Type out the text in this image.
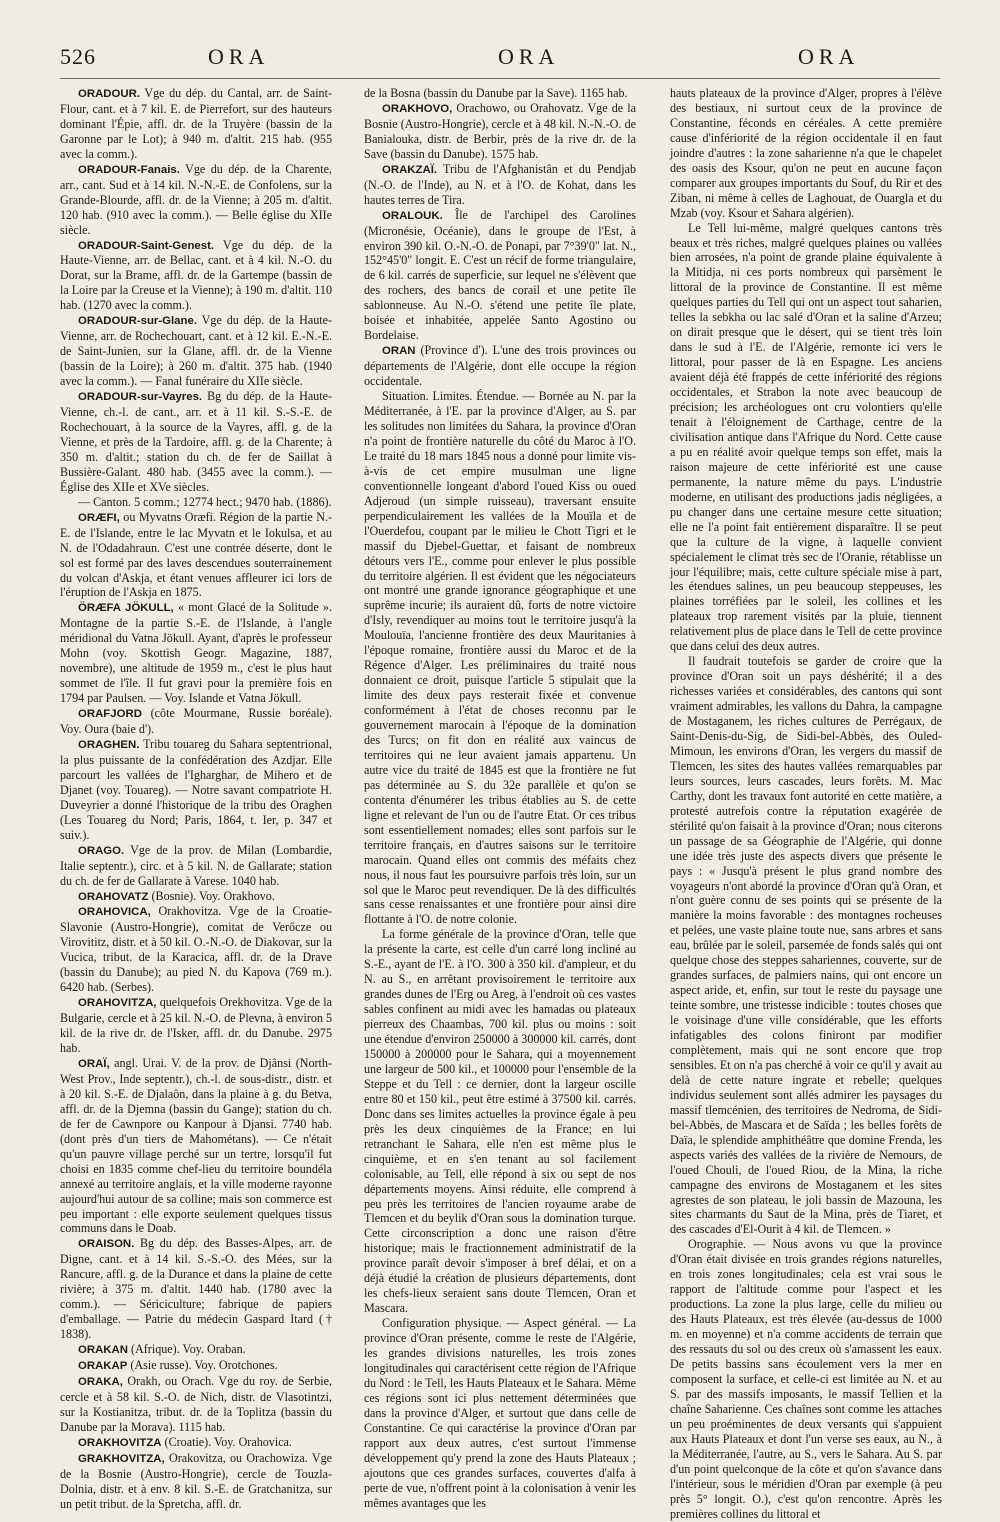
526	ORA	ORA	ORA

ORADOUR. Vge du dép. du Cantal, arr. de Saint-Flour, cant. et à 7 kil. E. de Pierrefort, sur des hauteurs dominant l'Épie, affl. dr. de la Truyère (bassin de la Garonne par le Lot); à 940 m. d'altit. 215 hab. (955 avec la comm.).

ORADOUR-Fanais. Vge du dép. de la Charente, arr., cant. Sud et à 14 kil. N.-N.-E. de Confolens, sur la Grande-Blourde, affl. dr. de la Vienne; à 205 m. d'altit. 120 hab. (910 avec la comm.). — Belle église du XIIe siècle.

ORADOUR-Saint-Genest. Vge du dép. de la Haute-Vienne, arr. de Bellac, cant. et à 4 kil. N.-O. du Dorat, sur la Brame, affl. dr. de la Gartempe (bassin de la Loire par la Creuse et la Vienne); à 190 m. d'altit. 110 hab. (1270 avec la comm.).

ORADOUR-sur-Glane. Vge du dép. de la Haute-Vienne, arr. de Rochechouart, cant. et à 12 kil. E.-N.-E. de Saint-Junien, sur la Glane, affl. dr. de la Vienne (bassin de la Loire); à 260 m. d'altit. 375 hab. (1940 avec la comm.). — Fanal funéraire du XIIe siècle.

ORADOUR-sur-Vayres. Bg du dép. de la Haute-Vienne, ch.-l. de cant., arr. et à 11 kil. S.-S.-E. de Rochechouart, à la source de la Vayres, affl. g. de la Vienne, et près de la Tardoire, affl. g. de la Charente; à 350 m. d'altit.; station du ch. de fer de Saillat à Bussière-Galant. 480 hab. (3455 avec la comm.). — Église des XIIe et XVe siècles.

— Canton. 5 comm.; 12774 hect.; 9470 hab. (1886).

ORÆFI, ou Myvatns Oræfi. Région de la partie N.-E. de l'Islande, entre le lac Myvatn et le Iokulsa, et au N. de l'Odadahraun. C'est une contrée déserte, dont le sol est formé par des laves descendues souterrainement du volcan d'Askja, et étant venues affleurer ici lors de l'éruption de l'Askja en 1875.

ÖRÆFA JÖKULL, « mont Glacé de la Solitude ». Montagne de la partie S.-E. de l'Islande, à l'angle méridional du Vatna Jökull. Ayant, d'après le professeur Mohn (voy. Skottish Geogr. Magazine, 1887, novembre), une altitude de 1959 m., c'est le plus haut sommet de l'île. Il fut gravi pour la première fois en 1794 par Paulsen. — Voy. Islande et Vatna Jökull.

ORAFJORD (côte Mourmane, Russie boréale). Voy. Oura (baie d').

ORAGHEN. Tribu touareg du Sahara septentrional, la plus puissante de la confédération des Azdjar. Elle parcourt les vallées de l'Igharghar, de Mihero et de Djanet (voy. Touareg). — Notre savant compatriote H. Duveyrier a donné l'historique de la tribu des Oraghen (Les Touareg du Nord; Paris, 1864, t. Ier, p. 347 et suiv.).

ORAGO. Vge de la prov. de Milan (Lombardie, Italie septentr.), circ. et à 5 kil. N. de Gallarate; station du ch. de fer de Gallarate à Varese. 1040 hab.

ORAHOVATZ (Bosnie). Voy. Orakhovo.

ORAHOVICA, Orakhovitza. Vge de la Croatie-Slavonie (Austro-Hongrie), comitat de Verőcze ou Virovititz, distr. et à 50 kil. O.-N.-O. de Diakovar, sur la Vucica, tribut. de la Karacica, affl. dr. de la Drave (bassin du Danube); au pied N. du Kapova (769 m.). 6420 hab. (Serbes).

ORAHOVITZA, quelquefois Orekhovitza. Vge de la Bulgarie, cercle et à 25 kil. N.-O. de Plevna, à environ 5 kil. de la rive dr. de l'Isker, affl. dr. du Danube. 2975 hab.

ORAÏ, angl. Urai. V. de la prov. de Djânsi (North-West Prov., Inde septentr.), ch.-l. de sous-distr., distr. et à 20 kil. S.-E. de Djalaôn, dans la plaine à g. du Betva, affl. dr. de la Djemna (bassin du Gange); station du ch. de fer de Cawnpore ou Kanpour à Djansi. 7740 hab. (dont près d'un tiers de Mahométans). — Ce n'était qu'un pauvre village perché sur un tertre, lorsqu'il fut choisi en 1835 comme chef-lieu du territoire boundéla annexé au territoire anglais, et la ville moderne rayonne aujourd'hui autour de sa colline; mais son commerce est peu important : elle exporte seulement quelques tissus communs dans le Doab.

ORAISON. Bg du dép. des Basses-Alpes, arr. de Digne, cant. et à 14 kil. S.-S.-O. des Mées, sur la Rancure, affl. g. de la Durance et dans la plaine de cette rivière; à 375 m. d'altit. 1440 hab. (1780 avec la comm.). — Sériciculture; fabrique de papiers d'emballage. — Patrie du médecin Gaspard Itard († 1838).

ORAKAN (Afrique). Voy. Oraban.

ORAKAP (Asie russe). Voy. Orotchones.

ORAKA, Orakh, ou Orach. Vge du roy. de Serbie, cercle et à 58 kil. S.-O. de Nich, distr. de Vlasotintzi, sur la Kostianitza, tribut. dr. de la Toplitza (bassin du Danube par la Morava). 1115 hab.

ORAKHOVITZA (Croatie). Voy. Orahovica.

GRAKHOVITZA, Orakovitza, ou Orachowiza. Vge de la Bosnie (Austro-Hongrie), cercle de Touzla-Dolnia, distr. et à env. 8 kil. S.-E. de Gratchanitza, sur un petit tribut. de la Spretcha, affl. dr.

de la Bosna (bassin du Danube par la Save). 1165 hab.

ORAKHOVO, Orachowo, ou Orahovatz. Vge de la Bosnie (Austro-Hongrie), cercle et à 48 kil. N.-N.-O. de Banialouka, distr. de Berbir, près de la rive dr. de la Save (bassin du Danube). 1575 hab.

ORAKZAÏ. Tribu de l'Afghanistân et du Pendjab (N.-O. de l'Inde), au N. et à l'O. de Kohat, dans les hautes terres de Tira.

ORALOUK. Île de l'archipel des Carolines (Micronésie, Océanie), dans le groupe de l'Est, à environ 390 kil. O.-N.-O. de Ponapi, par 7°39'0" lat. N., 152°45'0" longit. E. C'est un récif de forme triangulaire, de 6 kil. carrés de superficie, sur lequel ne s'élèvent que des rochers, des bancs de corail et une petite île sablonneuse. Au N.-O. s'étend une petite île plate, boisée et inhabitée, appelée Santo Agostino ou Bordelaise.

ORAN (Province d'). L'une des trois provinces ou départements de l'Algérie, dont elle occupe la région occidentale.

Situation. Limites. Étendue. — Bornée au N. par la Méditerranée, à l'E. par la province d'Alger, au S. par les solitudes non limitées du Sahara, la province d'Oran n'a point de frontière naturelle du côté du Maroc à l'O. Le traité du 18 mars 1845 nous a donné pour limite vis-à-vis de cet empire musulman une ligne conventionnelle longeant d'abord l'oued Kiss ou oued Adjeroud (un simple ruisseau), traversant ensuite perpendiculairement les vallées de la Mouïla et de l'Ouerdefou, coupant par le milieu le Chott Tigri et le massif du Djebel-Guettar, et faisant de nombreux détours vers l'E., comme pour enlever le plus possible du territoire algérien. Il est évident que les négociateurs ont montré une grande ignorance géographique et une suprême incurie; ils auraient dû, forts de notre victoire d'Isly, revendiquer au moins tout le territoire jusqu'à la Moulouïa, l'ancienne frontière des deux Mauritanies à l'époque romaine, frontière aussi du Maroc et de la Régence d'Alger. Les préliminaires du traité nous donnaient ce droit, puisque l'article 5 stipulait que la limite des deux pays resterait fixée et convenue conformément à l'état de choses reconnu par le gouvernement marocain à l'époque de la domination des Turcs; on fit don en réalité aux vaincus de territoires qui ne leur avaient jamais appartenu. Un autre vice du traité de 1845 est que la frontière ne fut pas déterminée au S. du 32e parallèle et qu'on se contenta d'énumérer les tribus établies au S. de cette ligne et relevant de l'un ou de l'autre Etat. Or ces tribus sont essentiellement nomades; elles sont parfois sur le territoire français, en d'autres saisons sur le territoire marocain. Quand elles ont commis des méfaits chez nous, il nous faut les poursuivre parfois très loin, sur un sol que le Maroc peut revendiquer. De là des difficultés sans cesse renaissantes et une frontière pour ainsi dire flottante à l'O. de notre colonie.

La forme générale de la province d'Oran, telle que la présente la carte, est celle d'un carré long incliné au S.-E., ayant de l'E. à l'O. 300 à 350 kil. d'ampleur, et du N. au S., en arrêtant provisoirement le territoire aux grandes dunes de l'Erg ou Areg, à l'endroit où ces vastes sables confinent au midi avec les hamadas ou plateaux pierreux des Chaambas, 700 kil. plus ou moins : soit une étendue d'environ 250000 à 300000 kil. carrés, dont 150000 à 200000 pour le Sahara, qui a moyennement une largeur de 500 kil., et 100000 pour l'ensemble de la Steppe et du Tell : ce dernier, dont la largeur oscille entre 80 et 150 kil., peut être estimé à 37500 kil. carrés. Donc dans ses limites actuelles la province égale à peu près les deux cinquièmes de la France; en lui retranchant le Sahara, elle n'en est même plus le cinquième, et en s'en tenant au sol facilement colonisable, au Tell, elle répond à six ou sept de nos départements moyens. Ainsi réduite, elle comprend à peu près les territoires de l'ancien royaume arabe de Tlemcen et du beylik d'Oran sous la domination turque. Cette circonscription a donc une raison d'être historique; mais le fractionnement administratif de la province paraît devoir s'imposer à bref délai, et on a déjà étudié la création de plusieurs départements, dont les chefs-lieux seraient sans doute Tlemcen, Oran et Mascara.

Configuration physique. — Aspect général. — La province d'Oran présente, comme le reste de l'Algérie, les grandes divisions naturelles, les trois zones longitudinales qui caractérisent cette région de l'Afrique du Nord : le Tell, les Hauts Plateaux et le Sahara. Même ces régions sont ici plus nettement déterminées que dans la province d'Alger, et surtout que dans celle de Constantine. Ce qui caractérise la province d'Oran par rapport aux deux autres, c'est surtout l'immense développement qu'y prend la zone des Hauts Plateaux ; ajoutons que ces grandes surfaces, couvertes d'alfa à perte de vue, n'offrent point à la colonisation à venir les mêmes avantages que les

hauts plateaux de la province d'Alger, propres à l'élève des bestiaux, ni surtout ceux de la province de Constantine, féconds en céréales. A cette première cause d'infériorité de la région occidentale il en faut joindre d'autres : la zone saharienne n'a que le chapelet des oasis des Ksour, qu'on ne peut en aucune façon comparer aux groupes importants du Souf, du Rir et des Ziban, ni même à celles de Laghouat, de Ouargla et du Mzab (voy. Ksour et Sahara algérien).

Le Tell lui-même, malgré quelques cantons très beaux et très riches, malgré quelques plaines ou vallées bien arrosées, n'a point de grande plaine équivalente à la Mitidja, ni ces ports nombreux qui parsèment le littoral de la province de Constantine. Il est même quelques parties du Tell qui ont un aspect tout saharien, telles la sebkha ou lac salé d'Oran et la saline d'Arzeu; on dirait presque que le désert, qui se tient très loin dans le sud à l'E. de l'Algérie, remonte ici vers le littoral, pour passer de là en Espagne. Les anciens avaient déjà été frappés de cette infériorité des régions occidentales, et Strabon la note avec beaucoup de précision; les archéologues ont cru volontiers qu'elle tenait à l'éloignement de Carthage, centre de la civilisation antique dans l'Afrique du Nord. Cette cause a pu en réalité avoir quelque temps son effet, mais la raison majeure de cette infériorité est une cause permanente, la nature même du pays. L'industrie moderne, en utilisant des productions jadis négligées, a pu changer dans une certaine mesure cette situation; elle ne l'a point fait entièrement disparaître. Il se peut que la culture de la vigne, à laquelle convient spécialement le climat très sec de l'Oranie, rétablisse un jour l'équilibre; mais, cette culture spéciale mise à part, les étendues salines, un peu beaucoup steppeuses, les plaines torréfiées par le soleil, les collines et les plateaux trop rarement visités par la pluie, tiennent relativement plus de place dans le Tell de cette province que dans celui des deux autres.

Il faudrait toutefois se garder de croire que la province d'Oran soit un pays déshérité; il a des richesses variées et considérables, des cantons qui sont vraiment admirables, les vallons du Dahra, la campagne de Mostaganem, les riches cultures de Perrégaux, de Saint-Denis-du-Sig, de Sidi-bel-Abbès, des Ouled-Mimoun, les environs d'Oran, les vergers du massif de Tlemcen, les sites des hautes vallées remarquables par leurs sources, leurs cascades, leurs forêts. M. Mac Carthy, dont les travaux font autorité en cette matière, a protesté autrefois contre la réputation exagérée de stérilité qu'on faisait à la province d'Oran; nous citerons un passage de sa Géographie de l'Algérie, qui donne une idée très juste des aspects divers que présente le pays : « Jusqu'à présent le plus grand nombre des voyageurs n'ont abordé la province d'Oran qu'à Oran, et n'ont guère connu de ses points qui se présente de la manière la moins favorable : des montagnes rocheuses et pelées, une vaste plaine toute nue, sans arbres et sans eau, brûlée par le soleil, parsemée de fonds salés qui ont quelque chose des steppes sahariennes, couverte, sur de grandes surfaces, de palmiers nains, qui ont encore un aspect aride, et, enfin, sur tout le reste du paysage une teinte sombre, une tristesse indicible : toutes choses que le voisinage d'une ville considérable, que les efforts infatigables des colons finiront par modifier complètement, mais qui ne sont encore que trop sensibles. Et on n'a pas cherché à voir ce qu'il y avait au delà de cette nature ingrate et rebelle; quelques individus seulement sont allés admirer les paysages du massif tlemcénien, des territoires de Nedroma, de Sidi-bel-Abbès, de Mascara et de Saïda ; les belles forêts de Daïa, le splendide amphithéâtre que domine Frenda, les aspects variés des vallées de la rivière de Nemours, de l'oued Chouli, de l'oued Riou, de la Mina, la riche campagne des environs de Mostaganem et les sites agrestes de son plateau, le joli bassin de Mazouna, les sites charmants du Saut de la Mina, près de Tiaret, et des cascades d'El-Ourit à 4 kil. de Tlemcen. »

Orographie. — Nous avons vu que la province d'Oran était divisée en trois grandes régions naturelles, en trois zones longitudinales; cela est vrai sous le rapport de l'altitude comme pour l'aspect et les productions. La zone la plus large, celle du milieu ou des Hauts Plateaux, est très élevée (au-dessus de 1000 m. en moyenne) et n'a comme accidents de terrain que des ressauts du sol ou des creux où s'amassent les eaux. De petits bassins sans écoulement vers la mer en composent la surface, et celle-ci est limitée au N. et au S. par des massifs imposants, le massif Tellien et la chaîne Saharienne. Ces chaînes sont comme les attaches un peu proéminentes de deux versants qui s'appuient aux Hauts Plateaux et dont l'un verse ses eaux, au N., à la Méditerranée, l'autre, au S., vers le Sahara. Au S. par d'un point quelconque de la côte et qu'on s'avance dans l'intérieur, sous le méridien d'Oran par exemple (à peu près 5° longit. O.), c'est qu'on rencontre. Après les premières collines du littoral et
